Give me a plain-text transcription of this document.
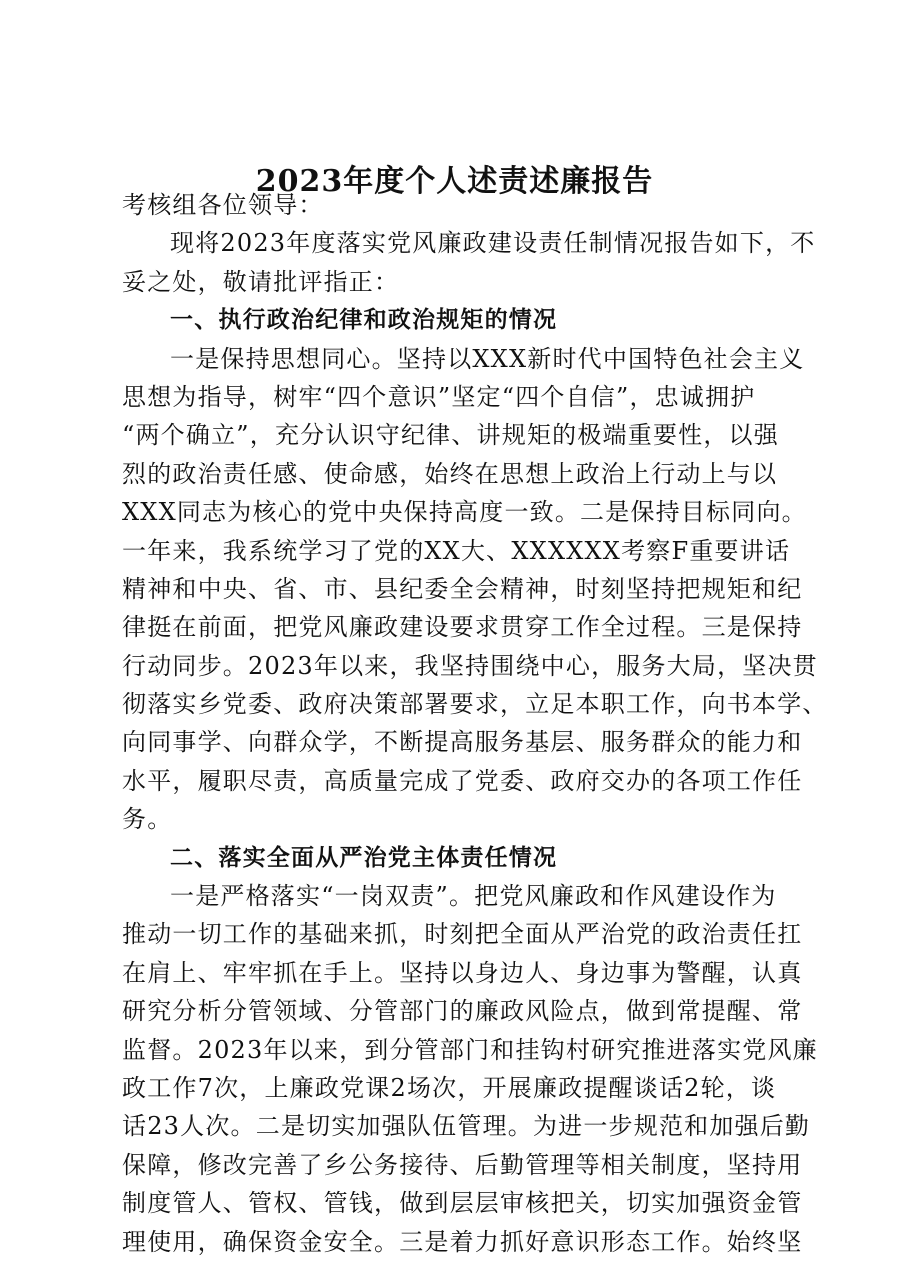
2023年度个人述责述廉报告
考核组各位领导：
现将2023年度落实党风廉政建设责任制情况报告如下，不
妥之处，敬请批评指正：
一、执行政治纪律和政治规矩的情况
一是保持思想同心。坚持以XXX新时代中国特色社会主义
思想为指导，树牢“四个意识”坚定“四个自信”，忠诚拥护
“两个确立”，充分认识守纪律、讲规矩的极端重要性，以强
烈的政治责任感、使命感，始终在思想上政治上行动上与以
XXX同志为核心的党中央保持高度一致。二是保持目标同向。
一年来，我系统学习了党的XX大、XXXXXX考察F重要讲话
精神和中央、省、市、县纪委全会精神，时刻坚持把规矩和纪
律挺在前面，把党风廉政建设要求贯穿工作全过程。三是保持
行动同步。2023年以来，我坚持围绕中心，服务大局，坚决贯
彻落实乡党委、政府决策部署要求，立足本职工作，向书本学、
向同事学、向群众学，不断提高服务基层、服务群众的能力和
水平，履职尽责，高质量完成了党委、政府交办的各项工作任
务。
二、落实全面从严治党主体责任情况
一是严格落实“一岗双责”。把党风廉政和作风建设作为
推动一切工作的基础来抓，时刻把全面从严治党的政治责任扛
在肩上、牢牢抓在手上。坚持以身边人、身边事为警醒，认真
研究分析分管领域、分管部门的廉政风险点，做到常提醒、常
监督。2023年以来，到分管部门和挂钩村研究推进落实党风廉
政工作7次，上廉政党课2场次，开展廉政提醒谈话2轮，谈
话23人次。二是切实加强队伍管理。为进一步规范和加强后勤
保障，修改完善了乡公务接待、后勤管理等相关制度，坚持用
制度管人、管权、管钱，做到层层审核把关，切实加强资金管
理使用，确保资金安全。三是着力抓好意识形态工作。始终坚
